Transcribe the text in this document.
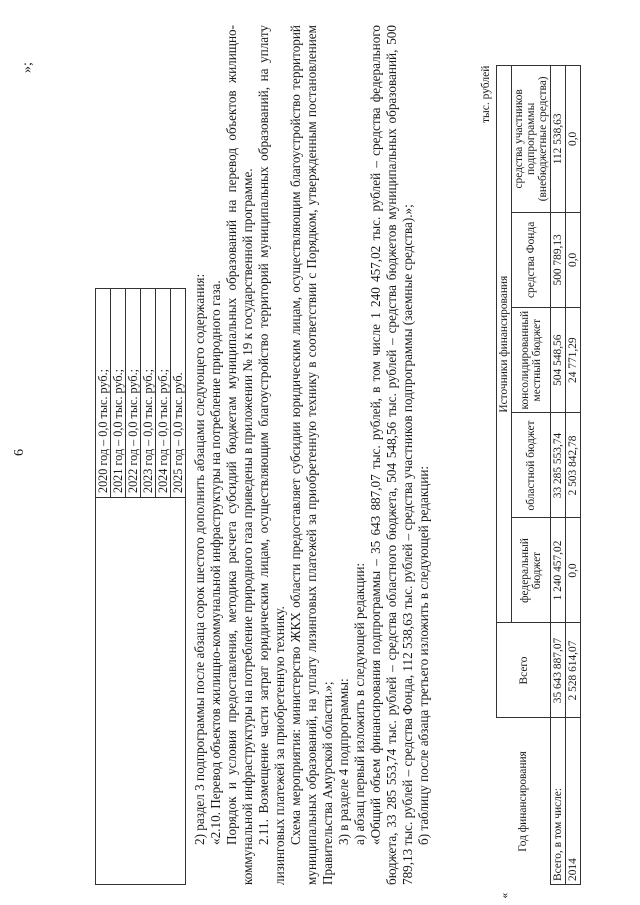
6
		2020 год – 0,0 тыс. руб.;
2021 год – 0,0 тыс. руб.;
2022 год – 0,0 тыс. руб.;
2023 год – 0,0 тыс. руб.;
2024 год – 0,0 тыс. руб.;
2025 год – 0,0 тыс. руб.
»;

2) раздел 3 подпрограммы после абзаца сорок шестого дополнить абзацами следующего содержания: «2.10. Перевод объектов жилищно-коммунальной инфраструктуры на потребление природного газа. Порядок и условия предоставления, методика расчета субсидий бюджетам муниципальных образований на перевод объектов жилищно-коммунальной инфраструктуры на потребление природного газа приведены в приложении № 19 к государственной программе. 2.11. Возмещение части затрат юридическим лицам, осуществляющим благоустройство территорий муниципальных образований, на уплату лизинговых платежей за приобретенную технику. Схема мероприятия: министерство ЖКХ области предоставляет субсидии юридическим лицам, осуществляющим благоустройство территорий муниципальных образований, на уплату лизинговых платежей за приобретенную технику в соответствии с Порядком, утвержденным постановлением Правительства Амурской области.»; 3) в разделе 4 подпрограммы: а) абзац первый изложить в следующей редакции: «Общий объем финансирования подпрограммы – 35 643 887,07 тыс. рублей, в том числе 1 240 457,02 тыс. рублей – средства федерального бюджета, 33 285 553,74 тыс. рублей – средства областного бюджета, 504 548,56 тыс. рублей – средства бюджетов муниципальных образований, 500 789,13 тыс. рублей – средства Фонда, 112 538,63 тыс. рублей – средства участников подпрограммы (заемные средства).»; б) таблицу после абзаца третьего изложить в следующей редакции:

тыс. рублей
«
Год финансирования	Всего	Источники финансирования				
		федеральный бюджет	областной бюджет	консолидированный местный бюджет	средства Фонда	средства участников подпрограммы (внебюджетные средства)
Всего, в том числе:	35 643 887,07	1 240 457,02	33 285 553,74	504 548,56	500 789,13	112 538,63
2014	2 528 614,07	0,0	2 503 842,78	24 771,29	0,0	0,0
